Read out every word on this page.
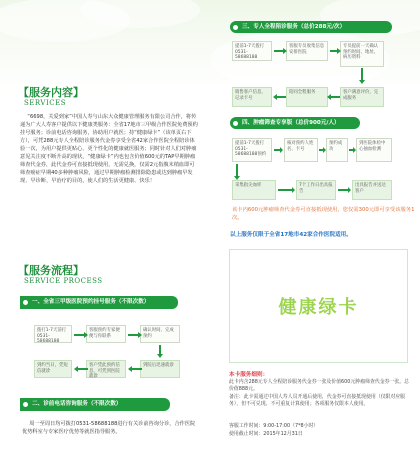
【服务内容】
SERVICES
“6698，关爱到家”中国人寿与山东大众健康管理服务有限公司合作，将传递为广大人寿客户提供以下健康类服务：全省17地市三甲级合作医院免费预约挂号服务；诊前电话咨询服务，协助用户就医；持“健康绿卡”（该单页右下方），可凭288元专人全程陪诊服务代金券享受全省42家合作医院全程陪诊体验一次，为用户提供更贴心、更个性化的健康就医服务；同时针对人们对肿瘤意见关注度不断升高的现状，“健康绿卡”内也包含价值600元的TAP早期肿瘤筛查代金券，此代金券可直接抵现使用，无需兑换，仅需2元指腹末梢血即可筛查癌症早期40多种肿瘤风险，通过早期肿瘤检测排除隐患或达到肿瘤早发现、早诊断、早治疗的目的，使人们的生活更健康、快乐！
【服务流程】
SERVICE PROCESS
一、全省三甲级医院预约挂号服务（不限次数）
拨打1-7天前打0531-58688188
客服预约专家便便与你联系
确认时间、完成预约
到约当日，凭短信就诊
客户凭此预约信息，可凭到医院就诊
到院后迅速就诊
二、诊前电话咨询服务（不限次数）
周一至周日均可拨打0531-58688188进行有关诊前咨询分诊，合作医院优势科室与专家医疗优势等就医指导服务。
三、专人全程陪诊服务（总价288元/次）
提前1-7天拨打0531-58688188
客服专员收集信息安排医院
专员提前一天确认预约时间、地址、病历资料
销售客户信息，记录卡号
陪同全程服务	客户满意评价，完成服务
四、肿瘤筛查专享版（总价900元/人）
提前1-7天拨打0531-58688188预约
核对预约人姓名、卡号
预约成功
到医院体检中心抽血检测
采集指尖血样	7个工作日出具报告
出具报告并送达客户
该卡内600元肿瘤筛查代金券可直接抵现使用，您仅需300元即可享受该服务1次。
以上服务仅限于全省17地市42家合作医院适用。
健康绿卡
本卡服务细则：
此卡内含288元专人全程陪诊服务代金券一张及价值600元肿瘤筛查代金券一张。总价值888元。
备注：此卡需通过中国人寿人员开通后使用，代金券可直接抵现使用（仅限对应服务），但不可兑现、不可重复计算使用；各项服务仅限本人使用。
客服工作时间：9:00-17:00（7*8小时）
使用截止时间：2015年12月31日
